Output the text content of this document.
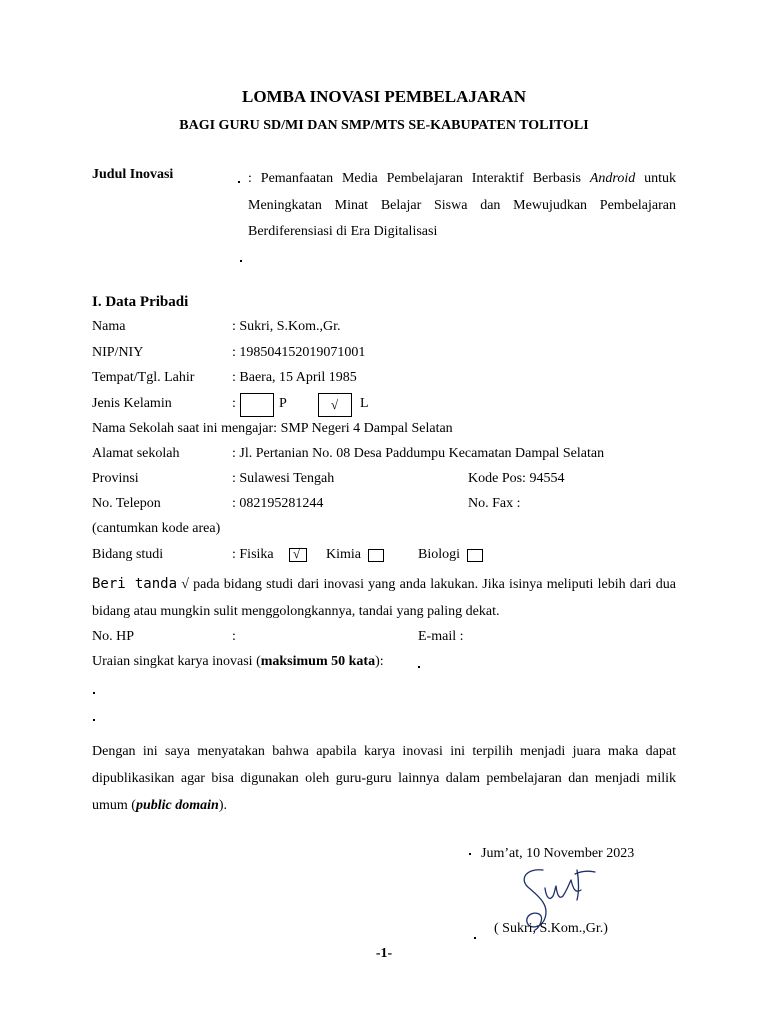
LOMBA INOVASI PEMBELAJARAN
BAGI GURU SD/MI DAN SMP/MTS SE-KABUPATEN TOLITOLI
Judul Inovasi	: Pemanfaatan Media Pembelajaran Interaktif Berbasis Android untuk Meningkatan Minat Belajar Siswa dan Mewujudkan Pembelajaran Berdiferensiasi di Era Digitalisasi
I. Data Pribadi
Nama	: Sukri, S.Kom.,Gr.
NIP/NIY	: 198504152019071001
Tempat/Tgl. Lahir	: Baera, 15 April 1985
Jenis Kelamin	:	P	√ L
Nama Sekolah saat ini mengajar: SMP Negeri 4 Dampal Selatan
Alamat sekolah	: Jl. Pertanian No. 08 Desa Paddumpu Kecamatan Dampal Selatan
Provinsi	: Sulawesi Tengah	Kode Pos: 94554
No. Telepon	: 082195281244	No. Fax :
(cantumkan kode area)
Bidang studi	: Fisika √ Kimia	Biologi
Beri tanda √ pada bidang studi dari inovasi yang anda lakukan. Jika isinya meliputi lebih dari dua bidang atau mungkin sulit menggolongkannya, tandai yang paling dekat.
No. HP	:	E-mail :
Uraian singkat karya inovasi (maksimum 50 kata):
Dengan ini saya menyatakan bahwa apabila karya inovasi ini terpilih menjadi juara maka dapat dipublikasikan agar bisa digunakan oleh guru-guru lainnya dalam pembelajaran dan menjadi milik umum (public domain).
Jum’at, 10 November 2023
( Sukri, S.Kom.,Gr.)
-1-
